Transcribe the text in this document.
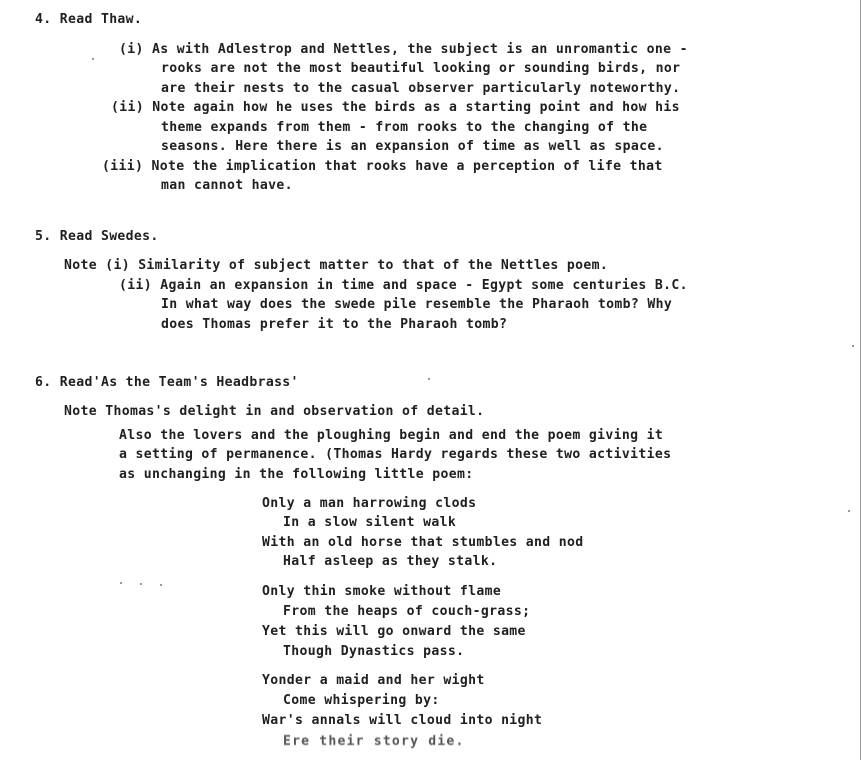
4. Read Thaw.
(i) As with Adlestrop and Nettles, the subject is an unromantic one -
rooks are not the most beautiful looking or sounding birds, nor
are their nests to the casual observer particularly noteworthy.
(ii) Note again how he uses the birds as a starting point and how his
theme expands from them - from rooks to the changing of the
seasons. Here there is an expansion of time as well as space.
(iii) Note the implication that rooks have a perception of life that
man cannot have.
5. Read Swedes.
Note (i) Similarity of subject matter to that of the Nettles poem.
(ii) Again an expansion in time and space - Egypt some centuries B.C.
In what way does the swede pile resemble the Pharaoh tomb? Why
does Thomas prefer it to the Pharaoh tomb?
6. Read'As the Team's Headbrass'
Note Thomas's delight in and observation of detail.
Also the lovers and the ploughing begin and end the poem giving it
a setting of permanence. (Thomas Hardy regards these two activities
as unchanging in the following little poem:
Only a man harrowing clods
In a slow silent walk
With an old horse that stumbles and nod
Half asleep as they stalk.
Only thin smoke without flame
From the heaps of couch-grass;
Yet this will go onward the same
Though Dynastics pass.
Yonder a maid and her wight
Come whispering by:
War's annals will cloud into night
Ere their story die.
